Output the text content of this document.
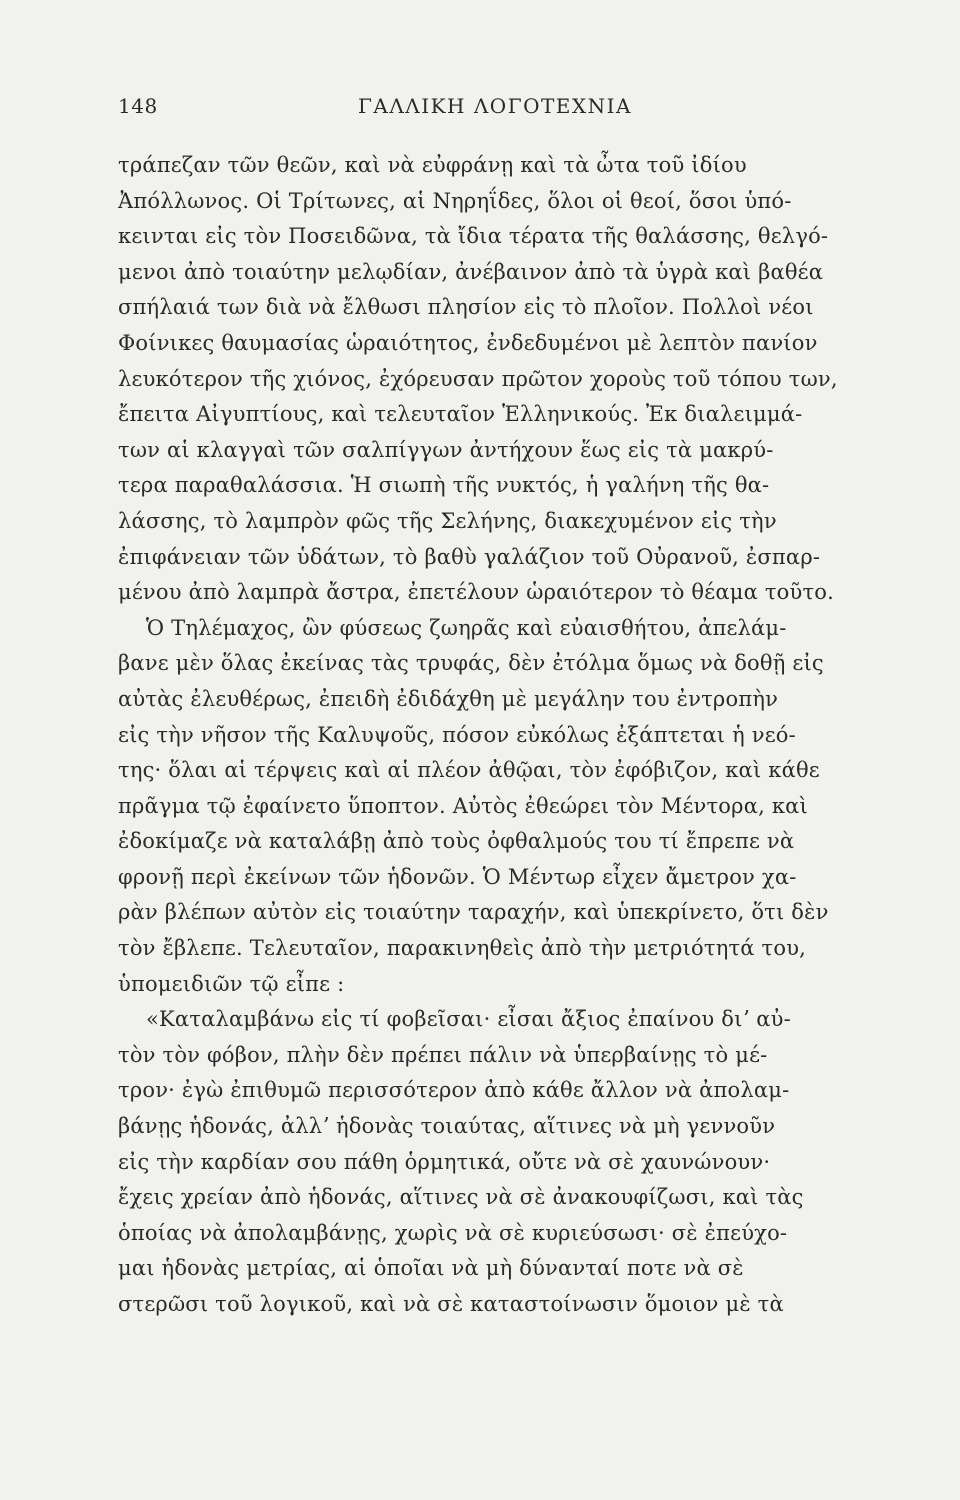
148	ΓΑΛΛΙΚΗ ΛΟΓΟΤΕΧΝΙΑ
τράπεζαν τῶν θεῶν, καὶ νὰ εὐφράνῃ καὶ τὰ ὦτα τοῦ ἰδίου
Ἀπόλλωνος. Οἱ Τρίτωνες, αἱ Νηρηΐδες, ὅλοι οἱ θεοί, ὅσοι ὑπό-
κεινται εἰς τὸν Ποσειδῶνα, τὰ ἴδια τέρατα τῆς θαλάσσης, θελγό-
μενοι ἀπὸ τοιαύτην μελῳδίαν, ἀνέβαινον ἀπὸ τὰ ὑγρὰ καὶ βαθέα
σπήλαιά των διὰ νὰ ἔλθωσι πλησίον εἰς τὸ πλοῖον. Πολλοὶ νέοι
Φοίνικες θαυμασίας ὡραιότητος, ἐνδεδυμένοι μὲ λεπτὸν πανίον
λευκότερον τῆς χιόνος, ἐχόρευσαν πρῶτον χοροὺς τοῦ τόπου των,
ἔπειτα Αἰγυπτίους, καὶ τελευταῖον Ἑλληνικούς. Ἐκ διαλειμμά-
των αἱ κλαγγαὶ τῶν σαλπίγγων ἀντήχουν ἕως εἰς τὰ μακρύ-
τερα παραθαλάσσια. Ἡ σιωπὴ τῆς νυκτός, ἡ γαλήνη τῆς θα-
λάσσης, τὸ λαμπρὸν φῶς τῆς Σελήνης, διακεχυμένον εἰς τὴν
ἐπιφάνειαν τῶν ὑδάτων, τὸ βαθὺ γαλάζιον τοῦ Οὐρανοῦ, ἐσπαρ-
μένου ἀπὸ λαμπρὰ ἄστρα, ἐπετέλουν ὡραιότερον τὸ θέαμα τοῦτο.
Ὁ Τηλέμαχος, ὢν φύσεως ζωηρᾶς καὶ εὐαισθήτου, ἀπελάμ-
βανε μὲν ὅλας ἐκείνας τὰς τρυφάς, δὲν ἐτόλμα ὅμως νὰ δοθῇ εἰς
αὐτὰς ἐλευθέρως, ἐπειδὴ ἐδιδάχθη μὲ μεγάλην του ἐντροπὴν
εἰς τὴν νῆσον τῆς Καλυψοῦς, πόσον εὐκόλως ἐξάπτεται ἡ νεό-
της· ὅλαι αἱ τέρψεις καὶ αἱ πλέον ἀθῷαι, τὸν ἐφόβιζον, καὶ κάθε
πρᾶγμα τῷ ἐφαίνετο ὕποπτον. Αὐτὸς ἐθεώρει τὸν Μέντορα, καὶ
ἐδοκίμαζε νὰ καταλάβῃ ἀπὸ τοὺς ὀφθαλμούς του τί ἔπρεπε νὰ
φρονῇ περὶ ἐκείνων τῶν ἡδονῶν. Ὁ Μέντωρ εἶχεν ἄμετρον χα-
ρὰν βλέπων αὐτὸν εἰς τοιαύτην ταραχήν, καὶ ὑπεκρίνετο, ὅτι δὲν
τὸν ἔβλεπε. Τελευταῖον, παρακινηθεὶς ἀπὸ τὴν μετριότητά του,
ὑπομειδιῶν τῷ εἶπε :
«Καταλαμβάνω εἰς τί φοβεῖσαι· εἶσαι ἄξιος ἐπαίνου διʼ αὐ-
τὸν τὸν φόβον, πλὴν δὲν πρέπει πάλιν νὰ ὑπερβαίνῃς τὸ μέ-
τρον· ἐγὼ ἐπιθυμῶ περισσότερον ἀπὸ κάθε ἄλλον νὰ ἀπολαμ-
βάνῃς ἡδονάς, ἀλλʼ ἡδονὰς τοιαύτας, αἵτινες νὰ μὴ γεννοῦν
εἰς τὴν καρδίαν σου πάθη ὁρμητικά, οὔτε νὰ σὲ χαυνώνουν·
ἔχεις χρείαν ἀπὸ ἡδονάς, αἵτινες νὰ σὲ ἀνακουφίζωσι, καὶ τὰς
ὁποίας νὰ ἀπολαμβάνῃς, χωρὶς νὰ σὲ κυριεύσωσι· σὲ ἐπεύχο-
μαι ἡδονὰς μετρίας, αἱ ὁποῖαι νὰ μὴ δύνανταί ποτε νὰ σὲ
στερῶσι τοῦ λογικοῦ, καὶ νὰ σὲ καταστοίνωσιν ὅμοιον μὲ τὰ
